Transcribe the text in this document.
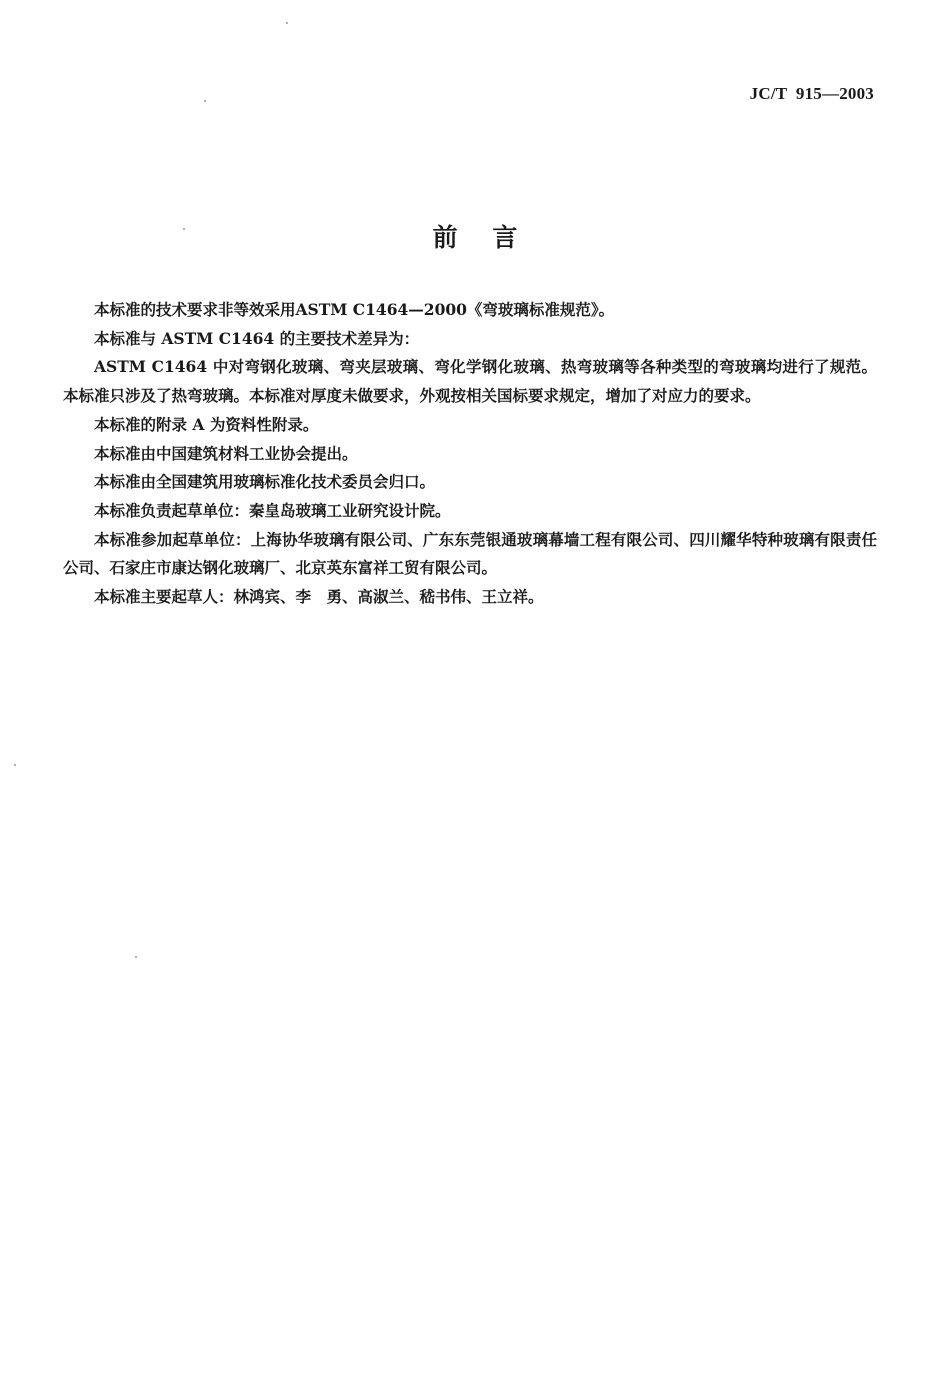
JC/T  915—2003
前    言

本标准的技术要求非等效采用ASTM C1464—2000《弯玻璃标准规范》。

本标准与 ASTM C1464 的主要技术差异为：

ASTM C1464 中对弯钢化玻璃、弯夹层玻璃、弯化学钢化玻璃、热弯玻璃等各种类型的弯玻璃均进行了规范。本标准只涉及了热弯玻璃。本标准对厚度未做要求，外观按相关国标要求规定，增加了对应力的要求。

本标准的附录 A 为资料性附录。

本标准由中国建筑材料工业协会提出。

本标准由全国建筑用玻璃标准化技术委员会归口。

本标准负责起草单位：秦皇岛玻璃工业研究设计院。

本标准参加起草单位：上海协华玻璃有限公司、广东东莞银通玻璃幕墙工程有限公司、四川耀华特种玻璃有限责任公司、石家庄市康达钢化玻璃厂、北京英东富祥工贸有限公司。

本标准主要起草人：林鸿宾、李　勇、高淑兰、嵇书伟、王立祥。
